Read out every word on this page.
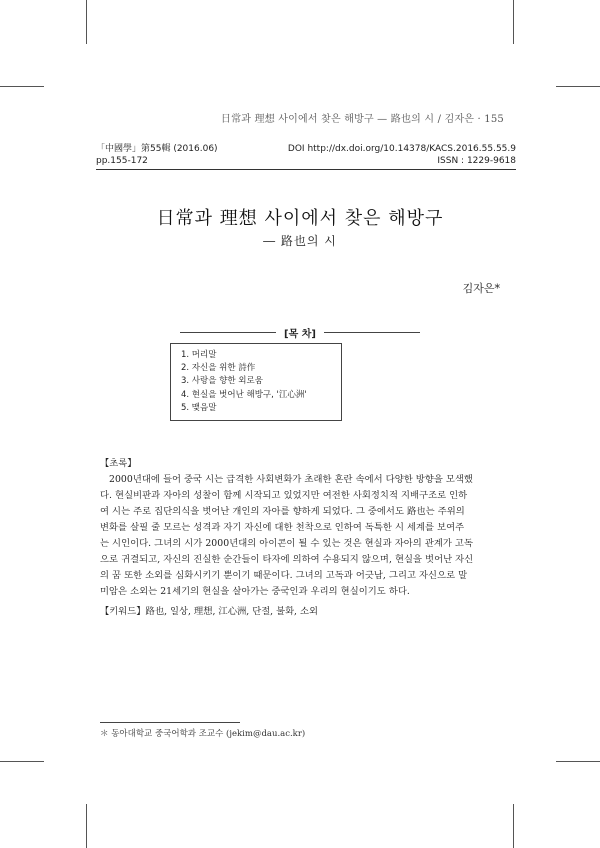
日常과 理想 사이에서 찾은 해방구 — 路也의 시 / 김자은 · 155
「中國學」第55輯 (2016.06)	DOI http://dx.doi.org/10.14378/KACS.2016.55.55.9
pp.155-172	ISSN : 1229-9618
日常과 理想 사이에서 찾은 해방구
― 路也의 시
김자은*
[목 차]
1. 머리말
2. 자신을 위한 詩作
3. 사랑을 향한 외로움
4. 현실을 벗어난 해방구, '江心洲'
5. 맺음말
【초록】
2000년대에 들어 중국 시는 급격한 사회변화가 초래한 혼란 속에서 다양한 방향을 모색했
다. 현실비판과 자아의 성찰이 함께 시작되고 있었지만 여전한 사회정치적 지배구조로 인하
여 시는 주로 집단의식을 벗어난 개인의 자아를 향하게 되었다. 그 중에서도 路也는 주위의
변화를 살필 줄 모르는 성격과 자기 자신에 대한 천착으로 인하여 독특한 시 세계를 보여주
는 시인이다. 그녀의 시가 2000년대의 아이콘이 될 수 있는 것은 현실과 자아의 관계가 고독
으로 귀결되고, 자신의 진실한 순간들이 타자에 의하여 수용되지 않으며, 현실을 벗어난 자신
의 꿈 또한 소외를 심화시키기 뿐이기 때문이다. 그녀의 고독과 어긋남, 그리고 자신으로 말
미암은 소외는 21세기의 현실을 살아가는 중국인과 우리의 현실이기도 하다.
【키워드】路也, 일상, 理想, 江心洲, 단절, 불화, 소외
＊ 동아대학교 중국어학과 조교수 (jekim@dau.ac.kr)
